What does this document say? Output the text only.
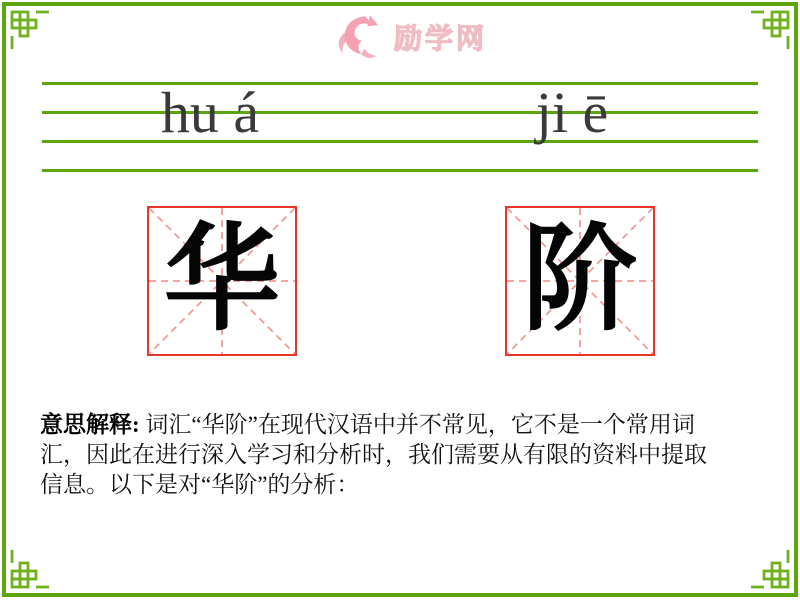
励学网
hu á	ji ē
华 阶
意思解释: 词汇“华阶”在现代汉语中并不常见，它不是一个常用词
汇，因此在进行深入学习和分析时，我们需要从有限的资料中提取
信息。以下是对“华阶”的分析：
